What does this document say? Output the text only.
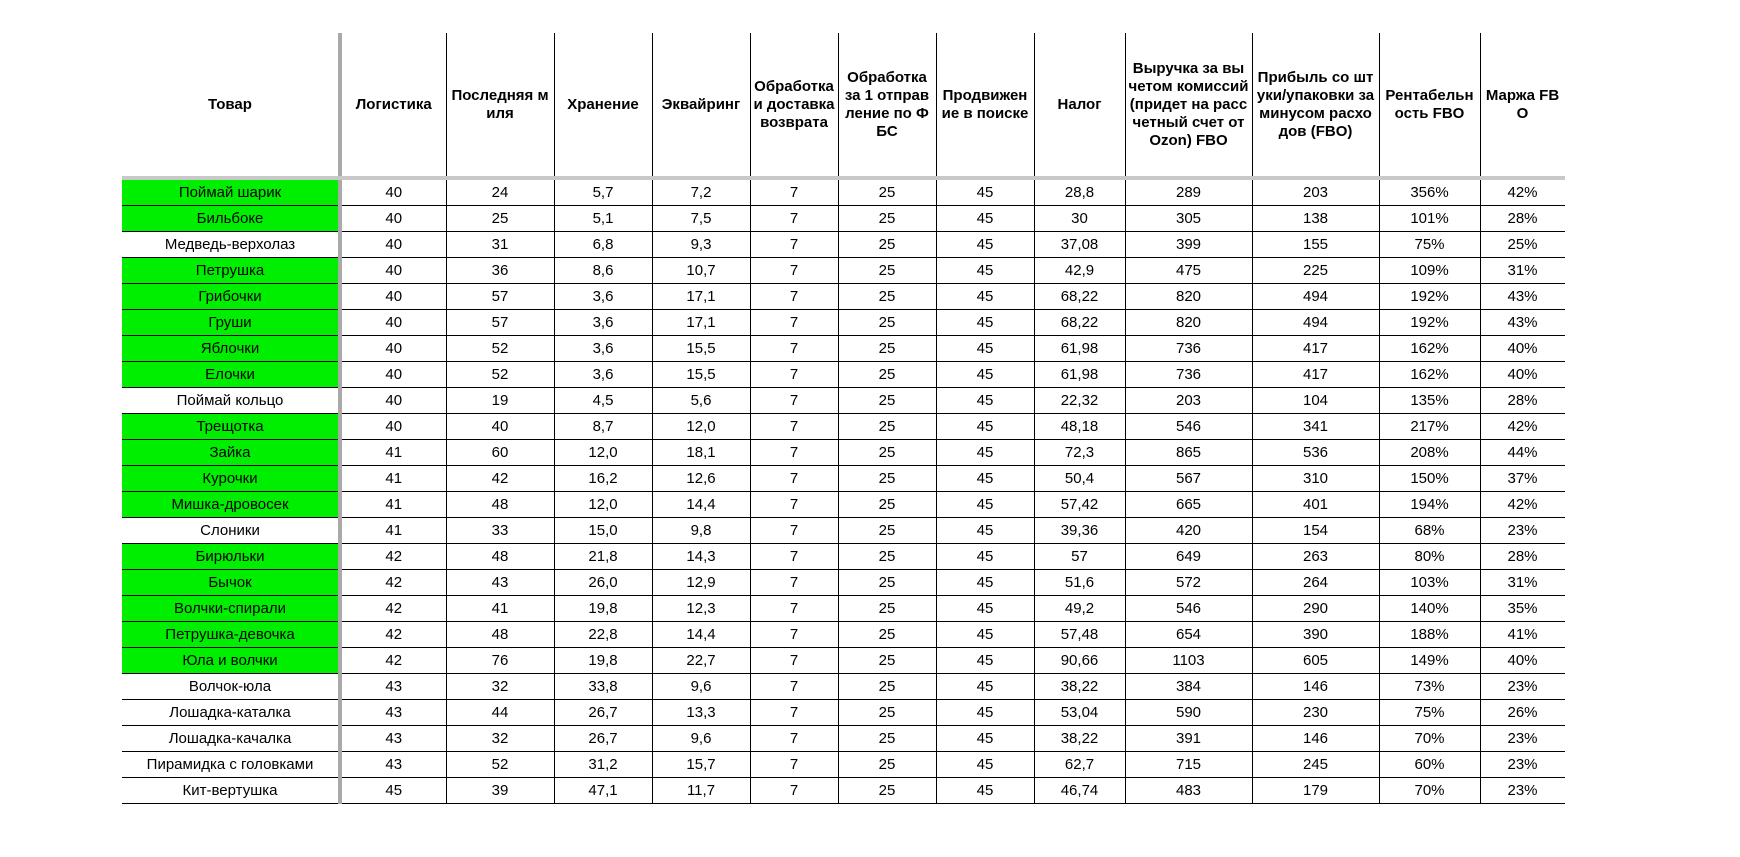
Товар	Логистика	Последняя миля	Хранение	Эквайринг	Обработка и доставка возврата	Обработка за 1 отправление по ФБС	Продвижение в поиске	Налог	Выручка за вычетом комиссий (придет на рассчетный счет от Ozon) FBO	Прибыль со штуки/упаковки за минусом расходов (FBO)	Рентабельность FBO	Маржа FBO
Поймай шарик	40	24	5,7	7,2	7	25	45	28,8	289	203	356%	42%
Бильбоке	40	25	5,1	7,5	7	25	45	30	305	138	101%	28%
Медведь-верхолаз	40	31	6,8	9,3	7	25	45	37,08	399	155	75%	25%
Петрушка	40	36	8,6	10,7	7	25	45	42,9	475	225	109%	31%
Грибочки	40	57	3,6	17,1	7	25	45	68,22	820	494	192%	43%
Груши	40	57	3,6	17,1	7	25	45	68,22	820	494	192%	43%
Яблочки	40	52	3,6	15,5	7	25	45	61,98	736	417	162%	40%
Елочки	40	52	3,6	15,5	7	25	45	61,98	736	417	162%	40%
Поймай кольцо	40	19	4,5	5,6	7	25	45	22,32	203	104	135%	28%
Трещотка	40	40	8,7	12,0	7	25	45	48,18	546	341	217%	42%
Зайка	41	60	12,0	18,1	7	25	45	72,3	865	536	208%	44%
Курочки	41	42	16,2	12,6	7	25	45	50,4	567	310	150%	37%
Мишка-дровосек	41	48	12,0	14,4	7	25	45	57,42	665	401	194%	42%
Слоники	41	33	15,0	9,8	7	25	45	39,36	420	154	68%	23%
Бирюльки	42	48	21,8	14,3	7	25	45	57	649	263	80%	28%
Бычок	42	43	26,0	12,9	7	25	45	51,6	572	264	103%	31%
Волчки-спирали	42	41	19,8	12,3	7	25	45	49,2	546	290	140%	35%
Петрушка-девочка	42	48	22,8	14,4	7	25	45	57,48	654	390	188%	41%
Юла и волчки	42	76	19,8	22,7	7	25	45	90,66	1103	605	149%	40%
Волчок-юла	43	32	33,8	9,6	7	25	45	38,22	384	146	73%	23%
Лошадка-каталка	43	44	26,7	13,3	7	25	45	53,04	590	230	75%	26%
Лошадка-качалка	43	32	26,7	9,6	7	25	45	38,22	391	146	70%	23%
Пирамидка с головками	43	52	31,2	15,7	7	25	45	62,7	715	245	60%	23%
Кит-вертушка	45	39	47,1	11,7	7	25	45	46,74	483	179	70%	23%
